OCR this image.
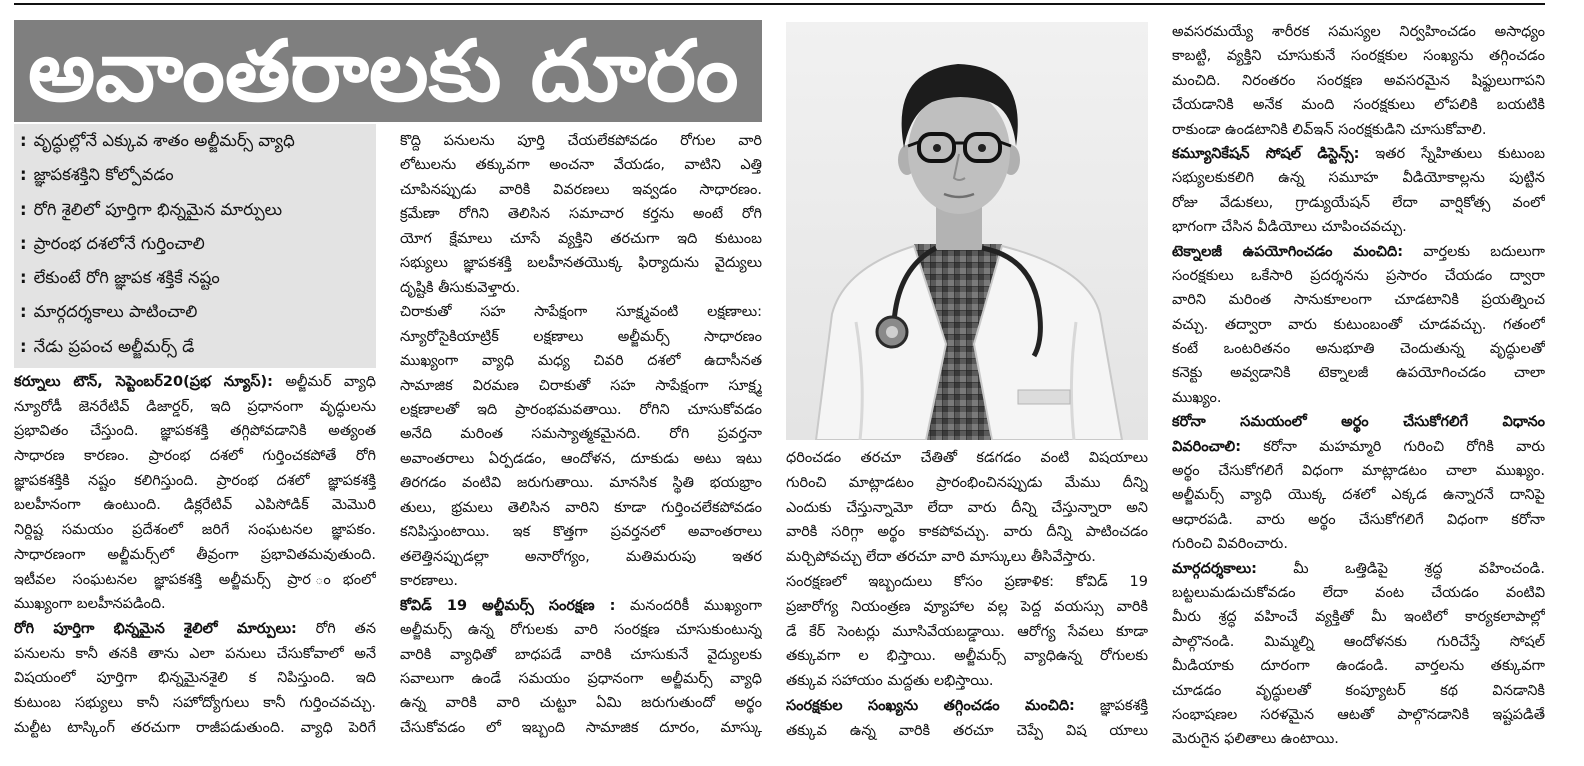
అవాంతరాలకు దూరం
: వృద్ధుల్లోనే ఎక్కువ శాతం అల్జీమర్స్ వ్యాధి
: జ్ఞాపకశక్తిని కోల్పోవడం
: రోగి శైలిలో పూర్తిగా భిన్నమైన మార్పులు
: ప్రారంభ దశలోనే గుర్తించాలి
: లేకుంటే రోగి జ్ఞాపక శక్తికే నష్టం
: మార్గదర్శకాలు పాటించాలి
: నేడు ప్రపంచ అల్జీమర్స్ డే
కర్నూలు టౌన్, సెప్టెంబర్20(ప్రభ న్యూస్): అల్జీమర్ వ్యాధి
న్యూరోడీ జెనరేటివ్ డిజార్డర్, ఇది ప్రధానంగా వృద్ధులను
ప్రభావితం చేస్తుంది. జ్ఞాపకశక్తి తగ్గిపోవడానికి అత్యంత
సాధారణ కారణం. ప్రారంభ దశలో గుర్తించకపోతే రోగి
జ్ఞాపకశక్తికి నష్టం కలిగిస్తుంది. ప్రారంభ దశలో జ్ఞాపకశక్తి
బలహీనంగా ఉంటుంది. డిక్లరేటివ్ ఎపిసోడిక్ మెమొరి
నిర్దిష్ట సమయం ప్రదేశంలో జరిగే సంఘటనల జ్ఞాపకం.
సాధారణంగా అల్జీమర్స్‌లో తీవ్రంగా ప్రభావితమవుతుంది.
ఇటీవల సంఘటనల జ్ఞాపకశక్తి అల్జీమర్స్ ప్రార ంభంలో
ముఖ్యంగా బలహీనపడింది.
రోగి పూర్తిగా భిన్నమైన శైలిలో మార్పులు: రోగి తన
పనులను కానీ తనకి తాను ఎలా పనులు చేసుకోవాలో అనే
విషయంలో పూర్తిగా భిన్నమైనశైలి క నిపిస్తుంది. ఇది
కుటుంబ సభ్యులు కానీ సహోద్యోగులు కానీ గుర్తించవచ్చు.
మల్టీట టాస్కింగ్ తరచుగా రాజీపడుతుంది. వ్యాధి పెరిగే
కొద్ది పనులను పూర్తి చేయలేకపోవడం రోగుల వారి
లోటులను తక్కువగా అంచనా వేయడం, వాటిని ఎత్తి
చూపినప్పుడు వారికి వివరణలు ఇవ్వడం సాధారణం.
క్రమేణా రోగిని తెలిసిన సమాచార కర్తను అంటే రోగి
యోగ క్షేమాలు చూసే వ్యక్తిని తరచుగా ఇది కుటుంబ
సభ్యులు జ్ఞాపకశక్తి బలహీనతయొక్క ఫిర్యాదును వైద్యులు
దృష్టికి తీసుకువెళ్తారు.
చిరాకుతో సహ సాపేక్షంగా సూక్ష్మవంటి లక్షణాలు:
న్యూరోసైకియాట్రిక్ లక్షణాలు అల్జీమర్స్ సాధారణం
ముఖ్యంగా వ్యాధి మధ్య చివరి దశలో ఉదాసీనత
సామాజిక విరమణ చిరాకుతో సహ సాపేక్షంగా సూక్ష్మ
లక్షణాలతో ఇది ప్రారంభమవతాయి. రోగిని చూసుకోవడం
అనేది మరింత సమస్యాత్మకమైనది. రోగి ప్రవర్తనా
అవాంతరాలు ఏర్పడడం, ఆందోళన, దూకుడు అటు ఇటు
తిరగడం వంటివి జరుగుతాయి. మానసిక స్థితి భయభ్రాం
తులు, భ్రమలు తెలిసిన వారిని కూడా గుర్తించలేకపోవడం
కనిపిస్తుంటాయి. ఇక కొత్తగా ప్రవర్తనలో అవాంతరాలు
తలెత్తినప్పుడల్లా అనారోగ్యం, మతిమరుపు ఇతర
కారణాలు.
కోవిడ్ 19 అల్జీమర్స్ సంరక్షణ : మనందరికీ ముఖ్యంగా
అల్జీమర్స్ ఉన్న రోగులకు వారి సంరక్షణ చూసుకుంటున్న
వారికి వ్యాధితో బాధపడే వారికి చూసుకునే వైద్యులకు
సవాలుగా ఉండే సమయం ప్రధానంగా అల్జీమర్స్ వ్యాధి
ఉన్న వారికి వారి చుట్టూ ఏమి జరుగుతుందో అర్థం
చేసుకోవడం లో ఇబ్బంది సామాజిక దూరం, మాస్కు
ధరించడం తరచూ చేతితో కడగడం వంటి విషయాలు
గురించి మాట్లాడటం ప్రారంభించినప్పుడు మేము దీన్ని
ఎందుకు చేస్తున్నామో లేదా వారు దీన్ని చేస్తున్నారా అని
వారికి సరిగ్గా అర్థం కాకపోవచ్చు. వారు దీన్ని పాటించడం
మర్చిపోవచ్చు లేదా తరచూ వారి మాస్కులు తీసివేస్తారు.
సంరక్షణలో ఇబ్బందులు కోసం ప్రణాళిక: కోవిడ్ 19
ప్రజారోగ్య నియంత్రణ వ్యూహాల వల్ల పెద్ద వయస్సు వారికి
డే కేర్ సెంటర్లు మూసివేయబడ్డాయి. ఆరోగ్య సేవలు కూడా
తక్కువగా ల భిస్తాయి. అల్జీమర్స్ వ్యాధిఉన్న రోగులకు
తక్కువ సహాయం మద్దతు లభిస్తాయి.
సంరక్షకుల సంఖ్యను తగ్గించడం మంచిది: జ్ఞాపకశక్తి
తక్కువ ఉన్న వారికి తరచూ చెప్పే విష యాలు
అవసరమయ్యే శారీరక సమస్యల నిర్వహించడం అసాధ్యం
కాబట్టి, వ్యక్తిని చూసుకునే సంరక్షకుల సంఖ్యను తగ్గించడం
మంచిది. నిరంతరం సంరక్షణ అవసరమైన షిఫ్టులుగాపని
చేయడానికి అనేక మంది సంరక్షకులు లోపలికి బయటికి
రాకుండా ఉండటానికి లివ్ఇన్ సంరక్షకుడిని చూసుకోవాలి.
కమ్యూనికేషన్ సోషల్ డిస్టెన్స్: ఇతర స్నేహితులు కుటుంబ
సభ్యులకుకలిగి ఉన్న సమూహ వీడియోకాల్లను పుట్టిన
రోజు వేడుకలు, గ్రాడ్యుయేషన్ లేదా వార్షికోత్స వంలో
భాగంగా చేసిన వీడియోలు చూపించవచ్చు.
టెక్నాలజీ ఉపయోగించడం మంచిది: వార్తలకు బదులుగా
సంరక్షకులు ఒకేసారి ప్రదర్శనను ప్రసారం చేయడం ద్వారా
వారిని మరింత సానుకూలంగా చూడటానికి ప్రయత్నించ
వచ్చు. తద్వారా వారు కుటుంబంతో చూడవచ్చు. గతంలో
కంటే ఒంటరితనం అనుభూతి చెందుతున్న వృద్ధులతో
కనెక్టు అవ్వడానికి టెక్నాలజీ ఉపయోగించడం చాలా
ముఖ్యం.
కరోనా సమయంలో అర్థం చేసుకోగలిగే విధానం
వివరించాలి: కరోనా మహమ్మారి గురించి రోగికి వారు
అర్థం చేసుకోగలిగే విధంగా మాట్లాడటం చాలా ముఖ్యం.
అల్జీమర్స్ వ్యాధి యొక్క దశలో ఎక్కడ ఉన్నారనే దానిపై
ఆధారపడి. వారు అర్థం చేసుకోగలిగే విధంగా కరోనా
గురించి వివరించారు.
మార్గదర్శకాలు: మీ ఒత్తిడిపై శ్రద్ధ వహించండి.
బట్టలుమడుచుకోవడం లేదా వంట చేయడం వంటివి
మీరు శ్రద్ధ వహించే వ్యక్తితో మీ ఇంటిలో కార్యకలాపాల్లో
పాల్గొనండి. మిమ్మల్ని ఆందోళనకు గురిచేస్తే సోషల్
మీడియాకు దూరంగా ఉండండి. వార్తలను తక్కువగా
చూడడం వృద్ధులతో కంప్యూటర్ కథ వినడానికి
సంభాషణల సరళమైన ఆటతో పాల్గొనడానికి ఇష్టపడితే
మెరుగైన ఫలితాలు ఉంటాయి.
